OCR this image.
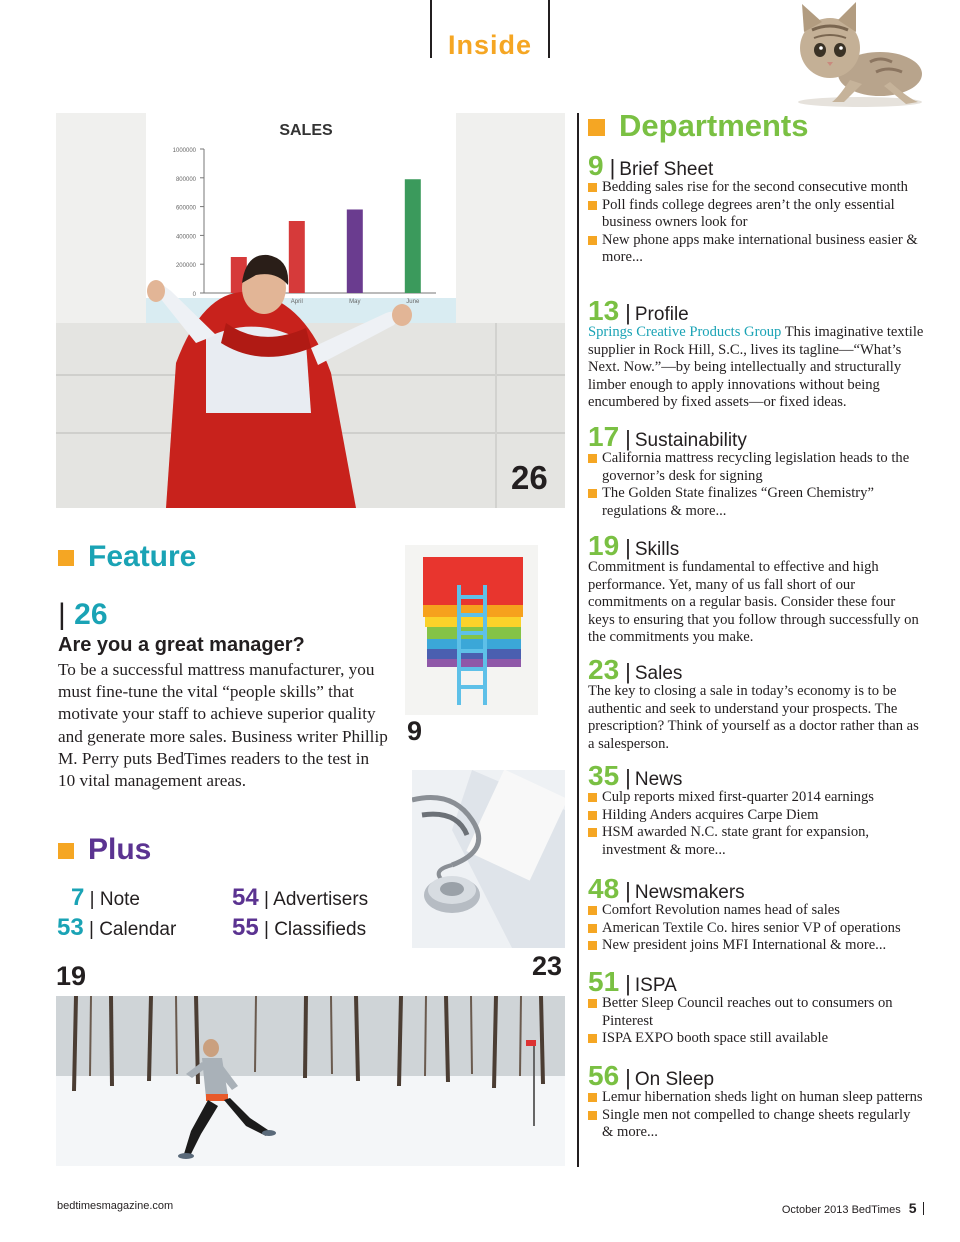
Inside
SALES
1000000
800000
600000
400000
200000
0
April	May	June
26
9
23
19
Feature
| 26
Are you a great manager?
To be a successful mattress manufacturer, you must fine-tune the vital “people skills” that motivate your staff to achieve superior quality and generate more sales. Business writer Phillip M. Perry puts BedTimes readers to the test in 10 vital management areas.
Plus
7 | Note
53 | Calendar
54 | Advertisers
55 | Classifieds
Departments
9 | Brief Sheet
Bedding sales rise for the second consecutive month
Poll finds college degrees aren’t the only essential business owners look for
New phone apps make international business easier & more...
13 | Profile

Springs Creative Products Group This imaginative textile supplier in Rock Hill, S.C., lives its tagline—“What’s Next. Now.”—by being intellectually and structurally limber enough to apply innovations without being encumbered by fixed assets—or fixed ideas.

17 | Sustainability
California mattress recycling legislation heads to the governor’s desk for signing
The Golden State finalizes “Green Chemistry” regulations & more...
19 | Skills

Commitment is fundamental to effective and high performance. Yet, many of us fall short of our commitments on a regular basis. Consider these four keys to ensuring that you follow through successfully on the commitments you make.

23 | Sales

The key to closing a sale in today’s economy is to be authentic and seek to understand your prospects. The prescription? Think of yourself as a doctor rather than as a salesperson.

35 | News
Culp reports mixed first-quarter 2014 earnings
Hilding Anders acquires Carpe Diem
HSM awarded N.C. state grant for expansion, investment & more...
48 | Newsmakers
Comfort Revolution names head of sales
American Textile Co. hires senior VP of operations
New president joins MFI International & more...
51 | ISPA
Better Sleep Council reaches out to consumers on Pinterest
ISPA EXPO booth space still available
56 | On Sleep
Lemur hibernation sheds light on human sleep patterns
Single men not compelled to change sheets regularly & more...
bedtimesmagazine.com	October 2013 BedTimes 5
